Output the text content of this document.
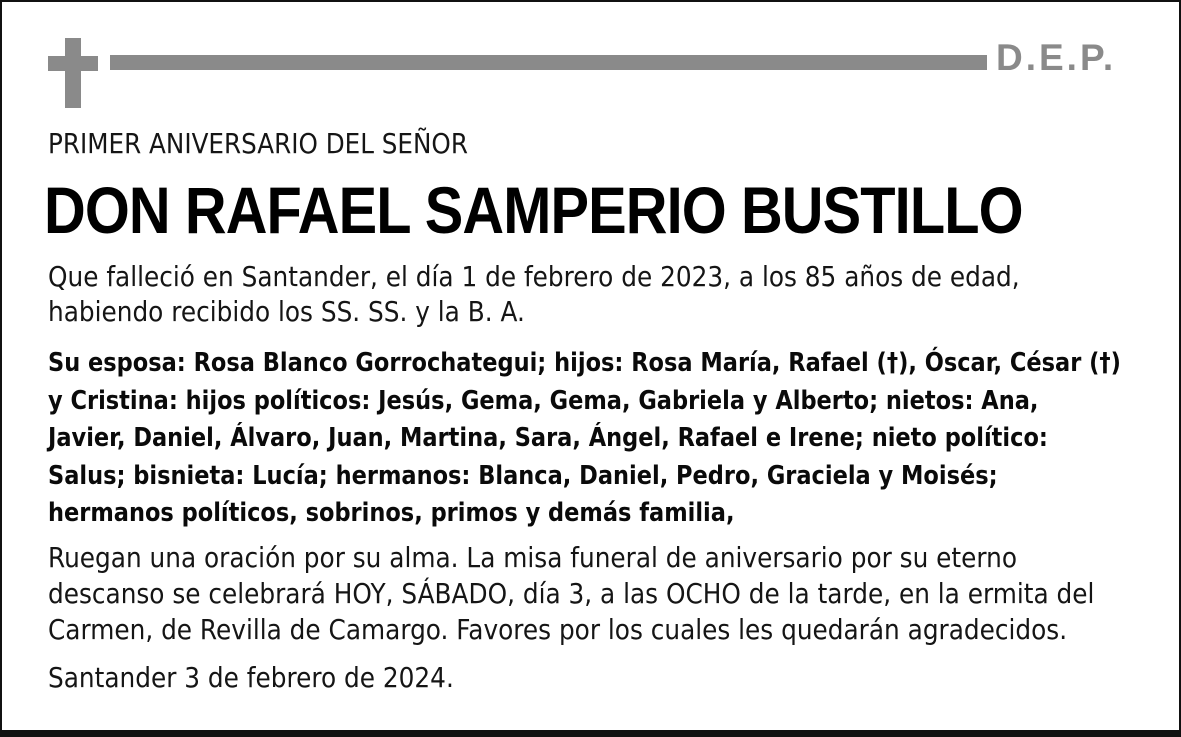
D.E.P.
PRIMER ANIVERSARIO DEL SEÑOR
DON RAFAEL SAMPERIO BUSTILLO
Que falleció en Santander, el día 1 de febrero de 2023, a los 85 años de edad,
habiendo recibido los SS. SS. y la B. A.
Su esposa: Rosa Blanco Gorrochategui; hijos: Rosa María, Rafael (†), Óscar, César (†)
y Cristina: hijos políticos: Jesús, Gema, Gema, Gabriela y Alberto; nietos: Ana,
Javier, Daniel, Álvaro, Juan, Martina, Sara, Ángel, Rafael e Irene; nieto político:
Salus; bisnieta: Lucía; hermanos: Blanca, Daniel, Pedro, Graciela y Moisés;
hermanos políticos, sobrinos, primos y demás familia,
Ruegan una oración por su alma. La misa funeral de aniversario por su eterno
descanso se celebrará HOY, SÁBADO, día 3, a las OCHO de la tarde, en la ermita del
Carmen, de Revilla de Camargo. Favores por los cuales les quedarán agradecidos.
Santander 3 de febrero de 2024.
